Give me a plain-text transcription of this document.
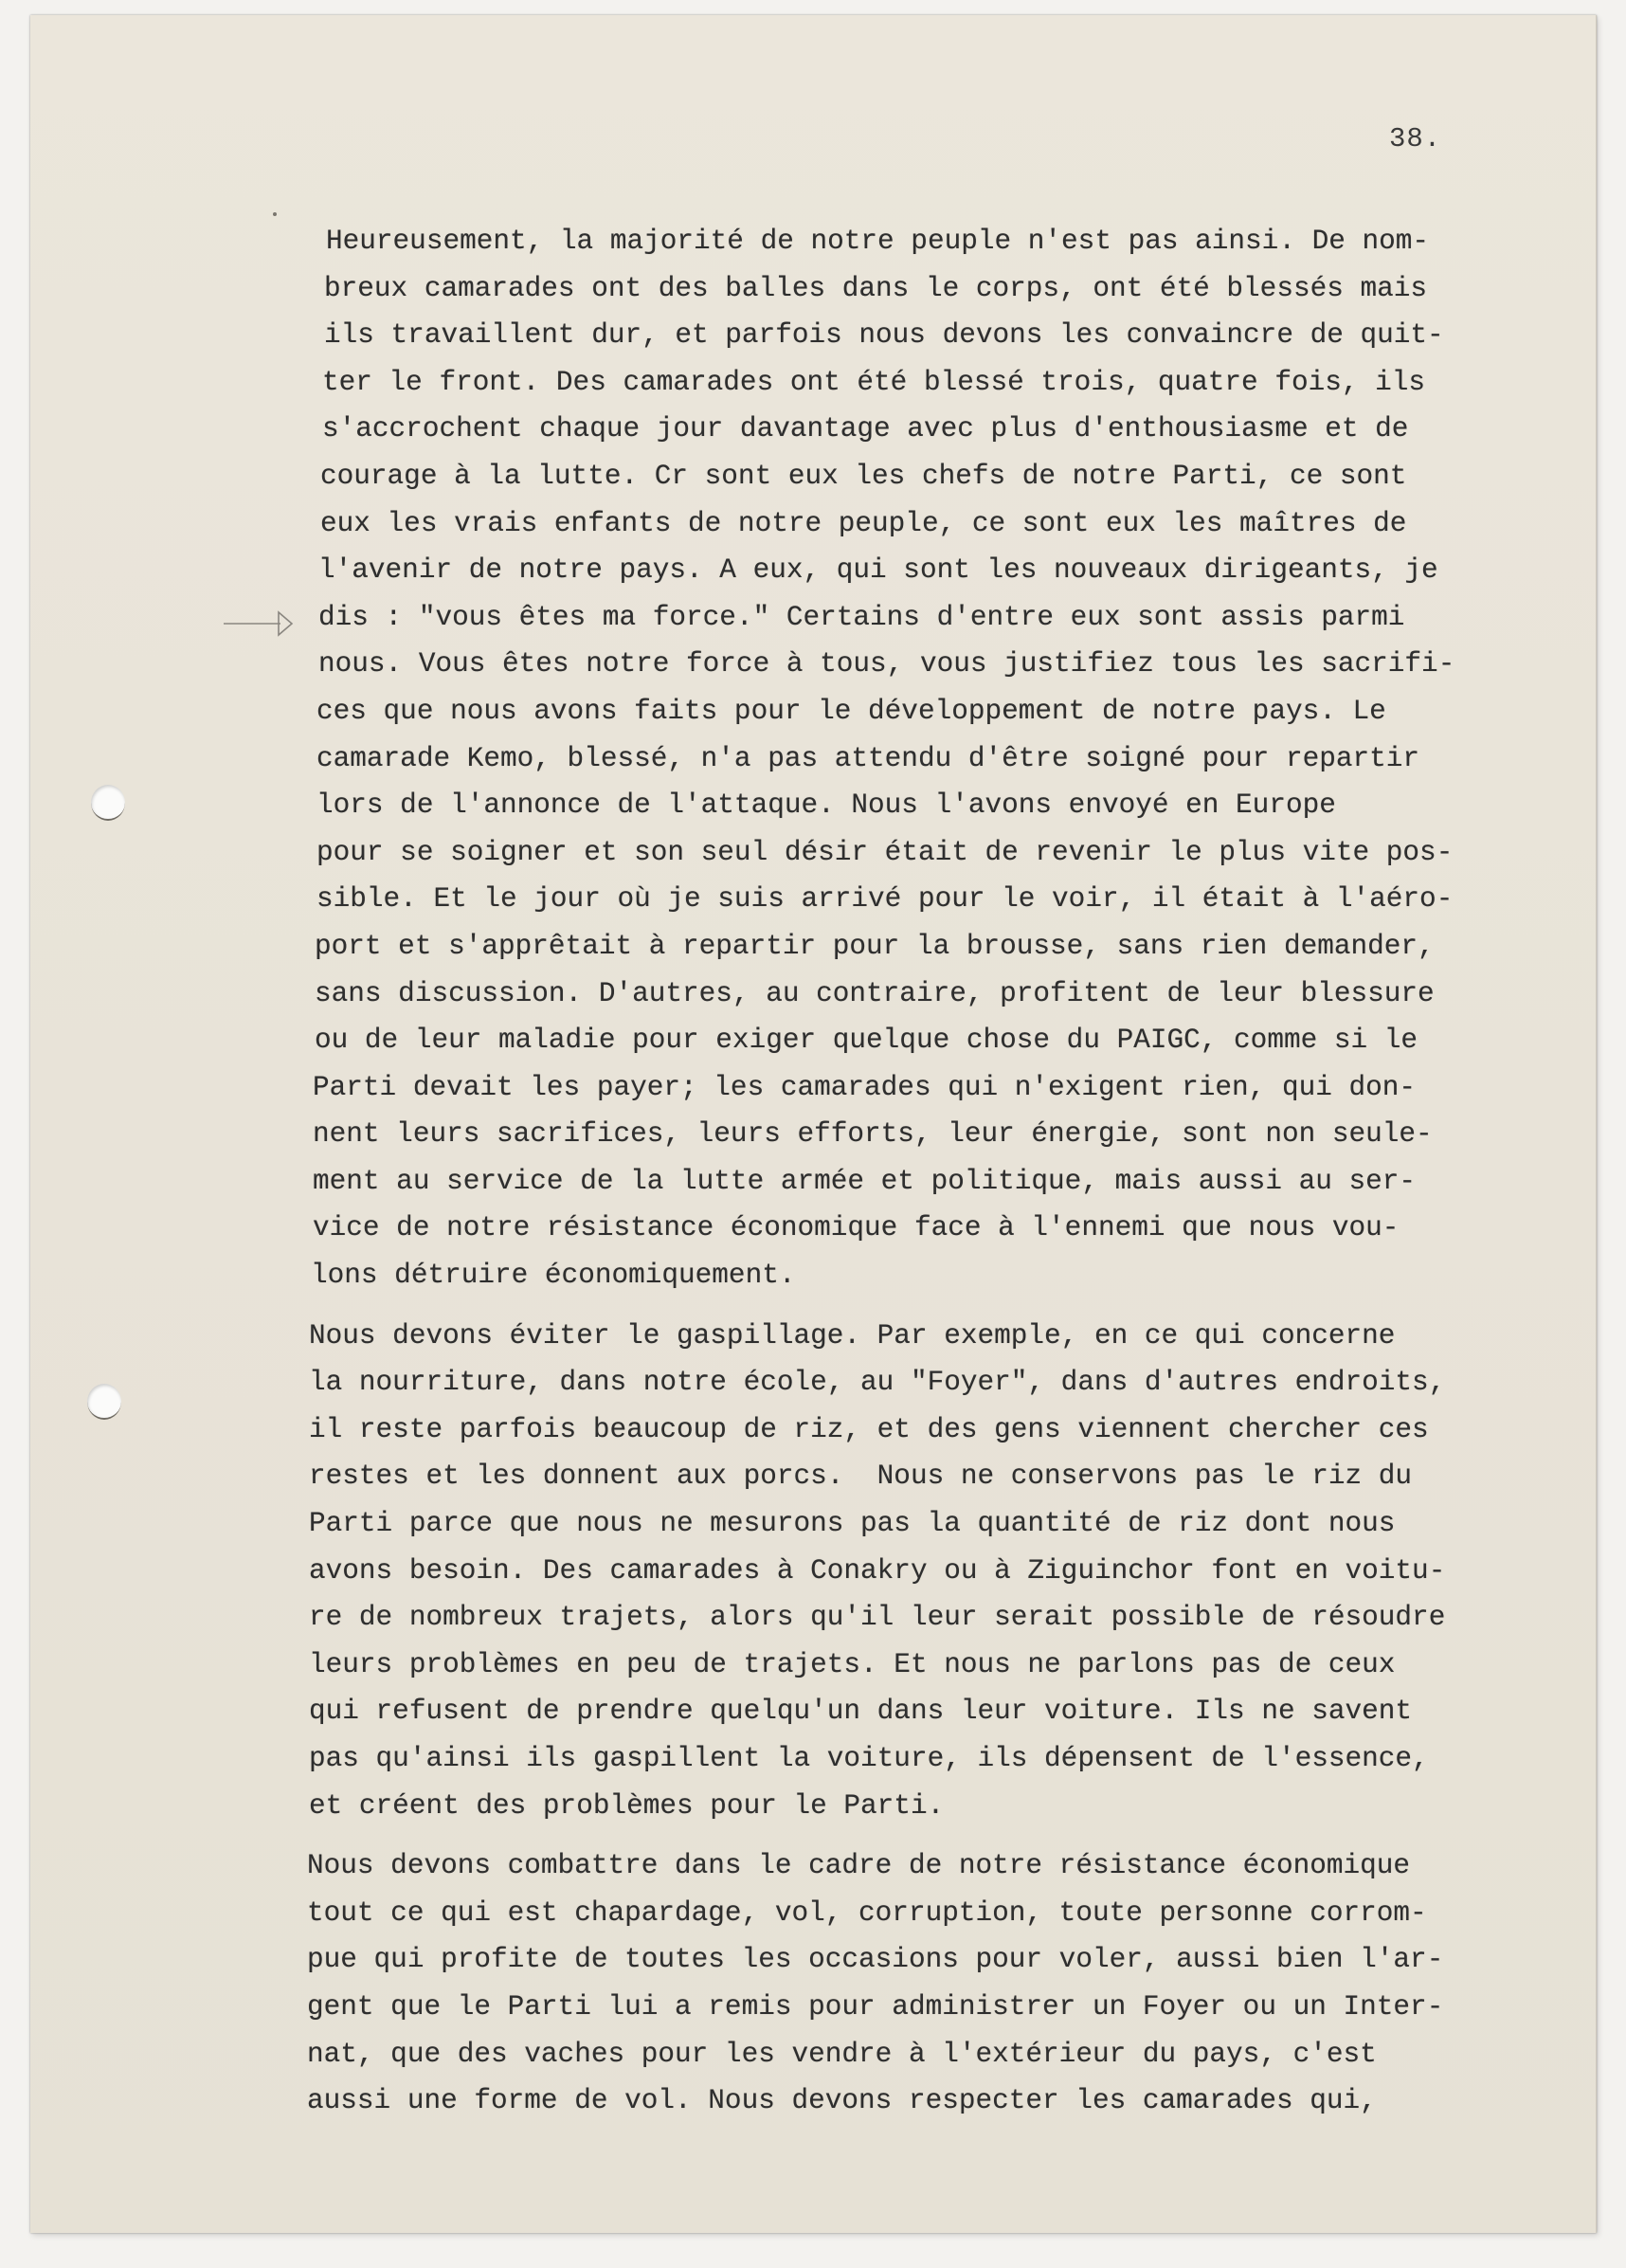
38.
Heureusement, la majorité de notre peuple n'est pas ainsi. De nom-
breux camarades ont des balles dans le corps, ont été blessés mais
ils travaillent dur, et parfois nous devons les convaincre de quit-
ter le front. Des camarades ont été blessé trois, quatre fois, ils
s'accrochent chaque jour davantage avec plus d'enthousiasme et de
courage à la lutte. Cr sont eux les chefs de notre Parti, ce sont
eux les vrais enfants de notre peuple, ce sont eux les maîtres de
l'avenir de notre pays. A eux, qui sont les nouveaux dirigeants, je
dis : "vous êtes ma force." Certains d'entre eux sont assis parmi
nous. Vous êtes notre force à tous, vous justifiez tous les sacrifi-
ces que nous avons faits pour le développement de notre pays. Le
camarade Kemo, blessé, n'a pas attendu d'être soigné pour repartir
lors de l'annonce de l'attaque. Nous l'avons envoyé en Europe
pour se soigner et son seul désir était de revenir le plus vite pos-
sible. Et le jour où je suis arrivé pour le voir, il était à l'aéro-
port et s'apprêtait à repartir pour la brousse, sans rien demander,
sans discussion. D'autres, au contraire, profitent de leur blessure
ou de leur maladie pour exiger quelque chose du PAIGC, comme si le
Parti devait les payer; les camarades qui n'exigent rien, qui don-
nent leurs sacrifices, leurs efforts, leur énergie, sont non seule-
ment au service de la lutte armée et politique, mais aussi au ser-
vice de notre résistance économique face à l'ennemi que nous vou-
lons détruire économiquement.
Nous devons éviter le gaspillage. Par exemple, en ce qui concerne
la nourriture, dans notre école, au "Foyer", dans d'autres endroits,
il reste parfois beaucoup de riz, et des gens viennent chercher ces
restes et les donnent aux porcs.  Nous ne conservons pas le riz du
Parti parce que nous ne mesurons pas la quantité de riz dont nous
avons besoin. Des camarades à Conakry ou à Ziguinchor font en voitu-
re de nombreux trajets, alors qu'il leur serait possible de résoudre
leurs problèmes en peu de trajets. Et nous ne parlons pas de ceux
qui refusent de prendre quelqu'un dans leur voiture. Ils ne savent
pas qu'ainsi ils gaspillent la voiture, ils dépensent de l'essence,
et créent des problèmes pour le Parti.
Nous devons combattre dans le cadre de notre résistance économique
tout ce qui est chapardage, vol, corruption, toute personne corrom-
pue qui profite de toutes les occasions pour voler, aussi bien l'ar-
gent que le Parti lui a remis pour administrer un Foyer ou un Inter-
nat, que des vaches pour les vendre à l'extérieur du pays, c'est
aussi une forme de vol. Nous devons respecter les camarades qui,
